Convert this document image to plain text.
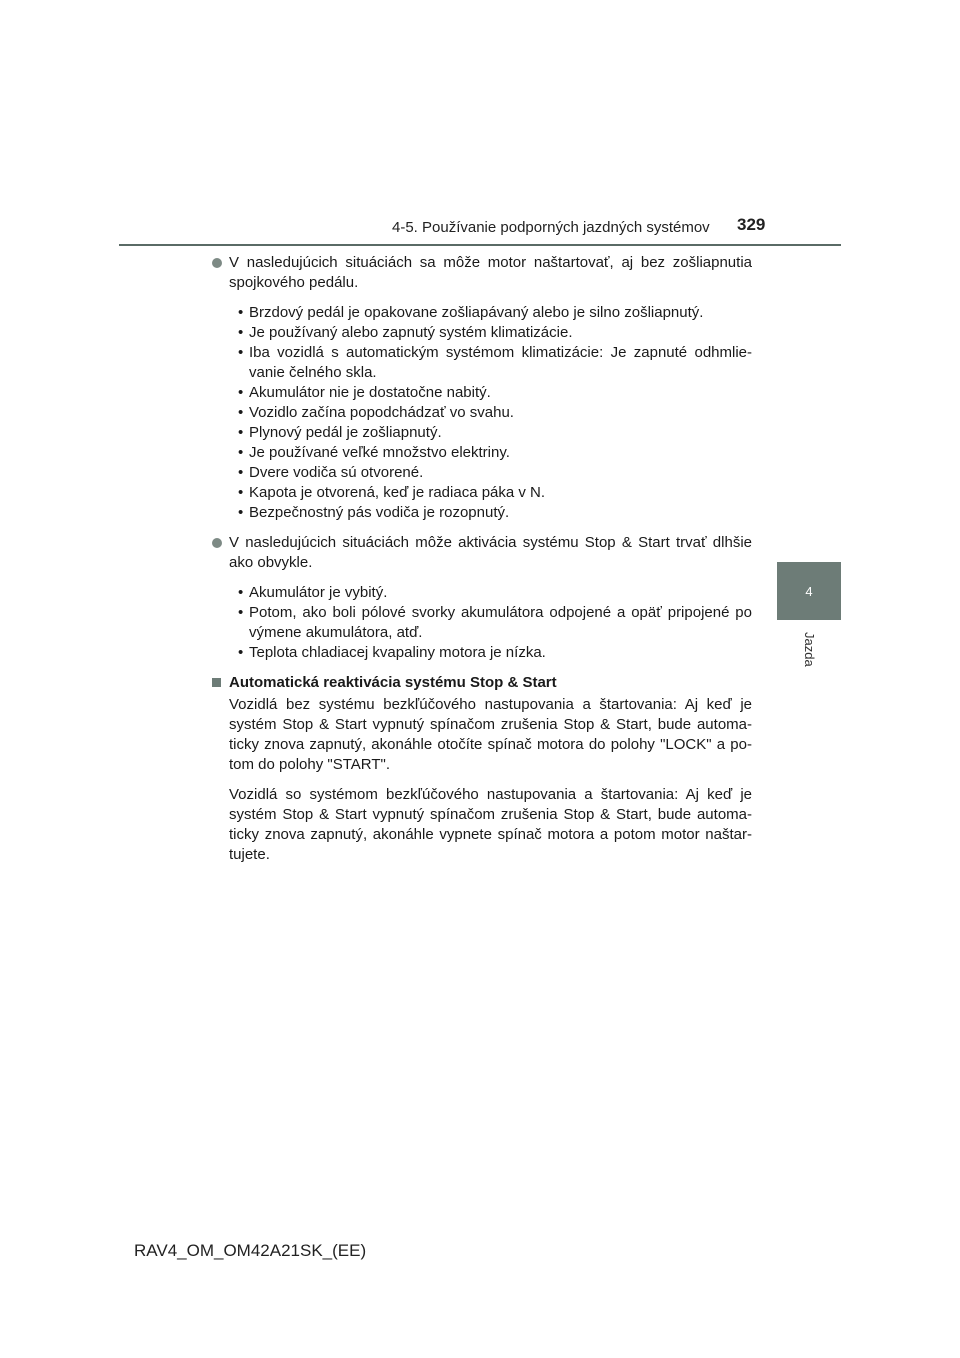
4-5. Používanie podporných jazdných systémov 329
4
Jazda

V nasledujúcich situáciách sa môže motor naštartovať, aj bez zošliapnutia spojkového pedálu.

• Brzdový pedál je opakovane zošliapávaný alebo je silno zošliapnutý.
• Je používaný alebo zapnutý systém klimatizácie.
• Iba vozidlá s automatickým systémom klimatizácie: Je zapnuté odhmlie-vanie čelného skla.
• Akumulátor nie je dostatočne nabitý.
• Vozidlo začína popodchádzať vo svahu.
• Plynový pedál je zošliapnutý.
• Je používané veľké množstvo elektriny.
• Dvere vodiča sú otvorené.
• Kapota je otvorená, keď je radiaca páka v N.
• Bezpečnostný pás vodiča je rozopnutý.

V nasledujúcich situáciách môže aktivácia systému Stop & Start trvať dlhšie ako obvykle.

• Akumulátor je vybitý.
• Potom, ako boli pólové svorky akumulátora odpojené a opäť pripojené po výmene akumulátora, atď.
• Teplota chladiacej kvapaliny motora je nízka.
Automatická reaktivácia systému Stop & Start

Vozidlá bez systému bezkľúčového nastupovania a štartovania: Aj keď je systém Stop & Start vypnutý spínačom zrušenia Stop & Start, bude automa-ticky znova zapnutý, akonáhle otočíte spínač motora do polohy "LOCK" a po-tom do polohy "START".

Vozidlá so systémom bezkľúčového nastupovania a štartovania: Aj keď je systém Stop & Start vypnutý spínačom zrušenia Stop & Start, bude automa-ticky znova zapnutý, akonáhle vypnete spínač motora a potom motor naštar-tujete.

RAV4_OM_OM42A21SK_(EE)
